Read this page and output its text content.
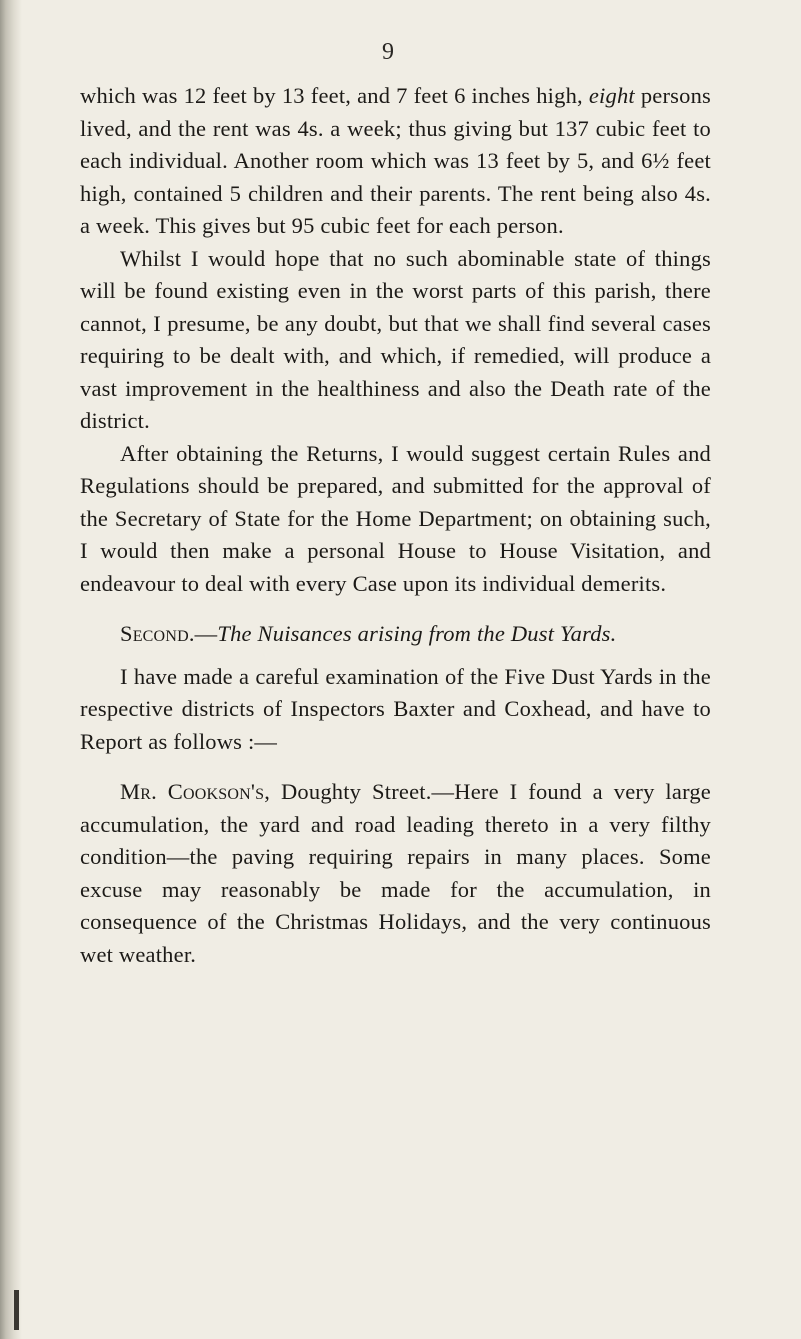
9

which was 12 feet by 13 feet, and 7 feet 6 inches high, eight persons lived, and the rent was 4s. a week; thus giving but 137 cubic feet to each individual. Another room which was 13 feet by 5, and 6½ feet high, contained 5 children and their parents. The rent being also 4s. a week. This gives but 95 cubic feet for each person.

Whilst I would hope that no such abominable state of things will be found existing even in the worst parts of this parish, there cannot, I presume, be any doubt, but that we shall find several cases requiring to be dealt with, and which, if remedied, will produce a vast improvement in the healthiness and also the Death rate of the district.

After obtaining the Returns, I would suggest certain Rules and Regulations should be prepared, and submitted for the approval of the Secretary of State for the Home Department; on obtaining such, I would then make a personal House to House Visitation, and endeavour to deal with every Case upon its individual demerits.

Second.—The Nuisances arising from the Dust Yards.

I have made a careful examination of the Five Dust Yards in the respective districts of Inspectors Baxter and Coxhead, and have to Report as follows :—

Mr. Cookson's, Doughty Street.—Here I found a very large accumulation, the yard and road leading thereto in a very filthy condition—the paving requiring repairs in many places. Some excuse may reasonably be made for the accumulation, in consequence of the Christmas Holidays, and the very continuous wet weather.
